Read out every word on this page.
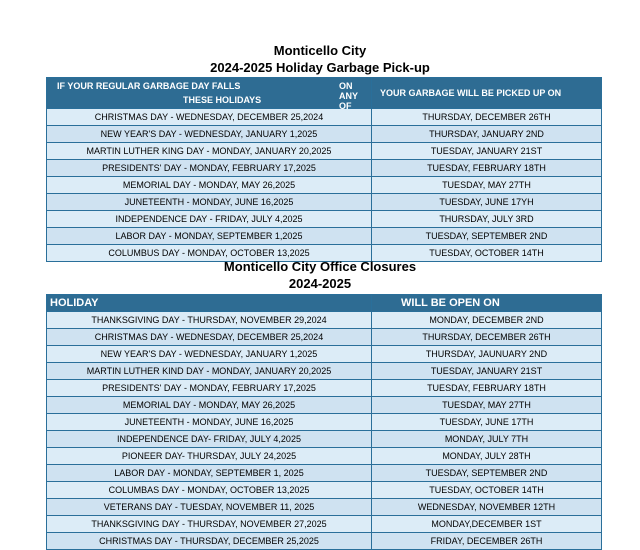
Monticello City
2024-2025 Holiday Garbage Pick-up
IF YOUR REGULAR GARBAGE DAY FALLS ON ANY OF
THESE HOLIDAYS	YOUR GARBAGE WILL BE PICKED UP ON

CHRISTMAS DAY - WEDNESDAY, DECEMBER 25,2024	THURSDAY, DECEMBER 26TH
NEW YEAR'S DAY - WEDNESDAY, JANUARY 1,2025	THURSDAY, JANUARY 2ND
MARTIN LUTHER KING DAY - MONDAY, JANUARY 20,2025	TUESDAY, JANUARY 21ST
PRESIDENTS' DAY - MONDAY, FEBRUARY 17,2025	TUESDAY, FEBRUARY 18TH
MEMORIAL DAY - MONDAY, MAY 26,2025	TUESDAY, MAY 27TH
JUNETEENTH - MONDAY, JUNE 16,2025	TUESDAY, JUNE 17YH
INDEPENDENCE DAY - FRIDAY, JULY 4,2025	THURSDAY, JULY 3RD
LABOR DAY - MONDAY, SEPTEMBER 1,2025	TUESDAY, SEPTEMBER 2ND
COLUMBUS DAY - MONDAY, OCTOBER 13,2025	TUESDAY, OCTOBER 14TH
Monticello City Office Closures
2024-2025
HOLIDAY	WILL BE OPEN ON
THANKSGIVING DAY - THURSDAY, NOVEMBER 29,2024	MONDAY, DECEMBER 2ND
CHRISTMAS DAY - WEDNESDAY, DECEMBER 25,2024	THURSDAY, DECEMBER 26TH
NEW YEAR'S DAY - WEDNESDAY, JANUARY 1,2025	THURSDAY, JAUNUARY 2ND
MARTIN LUTHER KIND DAY - MONDAY, JANUARY 20,2025	TUESDAY, JANUARY 21ST
PRESIDENTS' DAY - MONDAY, FEBRUARY 17,2025	TUESDAY, FEBRUARY 18TH
MEMORIAL DAY - MONDAY, MAY 26,2025	TUESDAY, MAY 27TH
JUNETEENTH - MONDAY, JUNE 16,2025	TUESDAY, JUNE 17TH
INDEPENDENCE DAY- FRIDAY, JULY 4,2025	MONDAY, JULY 7TH
PIONEER DAY- THURSDAY, JULY 24,2025	MONDAY, JULY 28TH
LABOR DAY - MONDAY, SEPTEMBER 1, 2025	TUESDAY, SEPTEMBER 2ND
COLUMBAS DAY - MONDAY, OCTOBER 13,2025	TUESDAY, OCTOBER 14TH
VETERANS DAY - TUESDAY, NOVEMBER 11, 2025	WEDNESDAY, NOVEMBER 12TH
THANKSGIVING DAY - THURSDAY, NOVEMBER 27,2025	MONDAY,DECEMBER 1ST
CHRISTMAS DAY - THURSDAY, DECEMBER 25,2025	FRIDAY, DECEMBER 26TH
